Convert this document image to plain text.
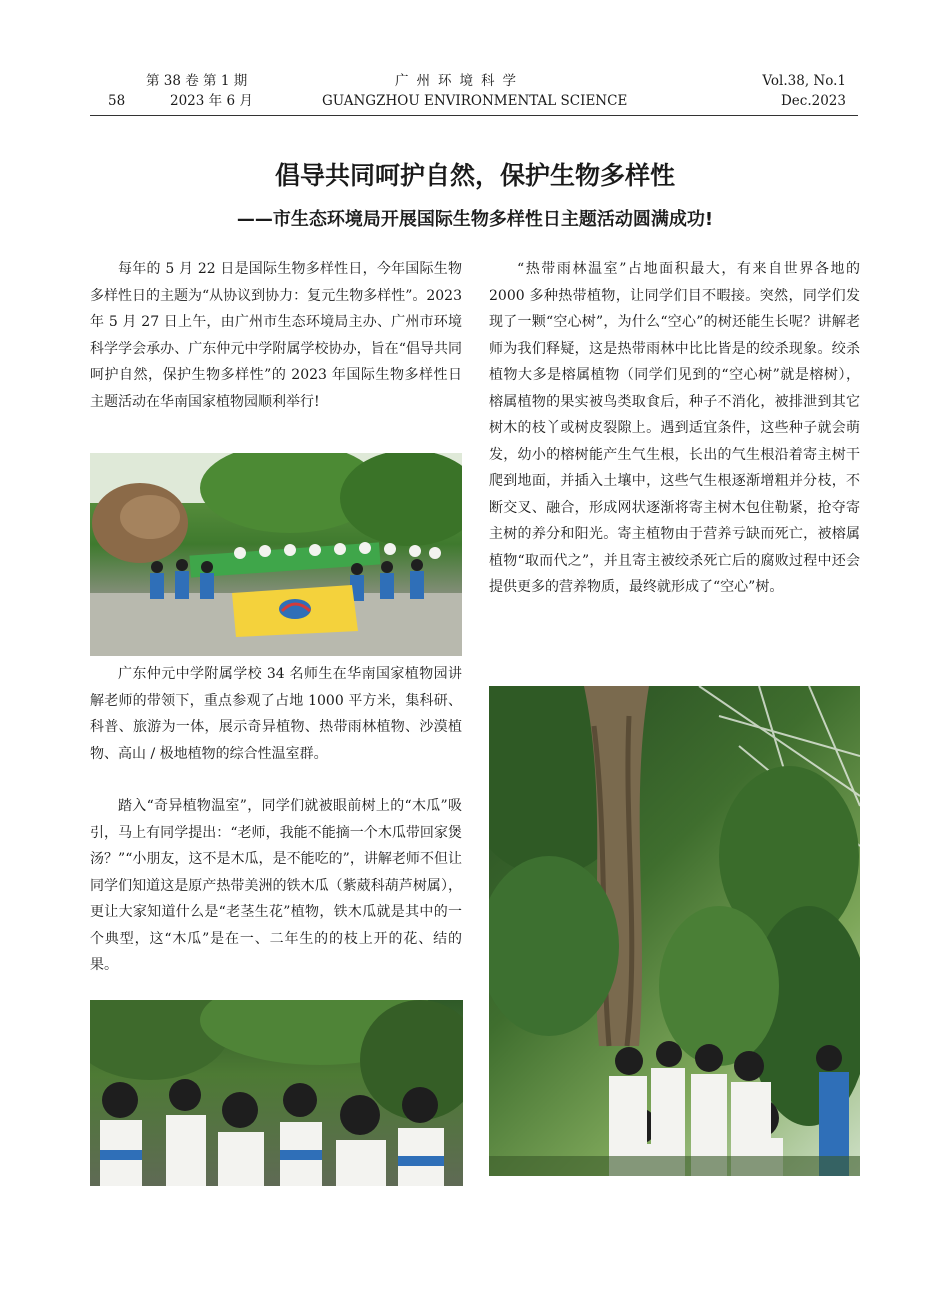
第 38 卷 第 1 期
58	2023 年 6 月
广州环境科学
GUANGZHOU ENVIRONMENTAL SCIENCE
Vol.38, No.1
Dec.2023
倡导共同呵护自然，保护生物多样性
——市生态环境局开展国际生物多样性日主题活动圆满成功!

每年的 5 月 22 日是国际生物多样性日，今年国际生物多样性日的主题为“从协议到协力：复元生物多样性”。2023 年 5 月 27 日上午，由广州市生态环境局主办、广州市环境科学学会承办、广东仲元中学附属学校协办，旨在“倡导共同呵护自然，保护生物多样性”的 2023 年国际生物多样性日主题活动在华南国家植物园顺利举行!

广东仲元中学附属学校 34 名师生在华南国家植物园讲解老师的带领下，重点参观了占地 1000 平方米，集科研、科普、旅游为一体，展示奇异植物、热带雨林植物、沙漠植物、高山 / 极地植物的综合性温室群。

踏入“奇异植物温室”，同学们就被眼前树上的“木瓜”吸引，马上有同学提出：“老师，我能不能摘一个木瓜带回家煲汤？”“小朋友，这不是木瓜，是不能吃的”，讲解老师不但让同学们知道这是原产热带美洲的铁木瓜（紫葳科葫芦树属），更让大家知道什么是“老茎生花”植物，铁木瓜就是其中的一个典型，这“木瓜”是在一、二年生的的枝上开的花、结的果。

“热带雨林温室”占地面积最大，有来自世界各地的 2000 多种热带植物，让同学们目不暇接。突然，同学们发现了一颗“空心树”，为什么“空心”的树还能生长呢？讲解老师为我们释疑，这是热带雨林中比比皆是的绞杀现象。绞杀植物大多是榕属植物（同学们见到的“空心树”就是榕树），榕属植物的果实被鸟类取食后，种子不消化，被排泄到其它树木的枝丫或树皮裂隙上。遇到适宜条件，这些种子就会萌发，幼小的榕树能产生气生根，长出的气生根沿着寄主树干爬到地面，并插入土壤中，这些气生根逐渐增粗并分枝，不断交叉、融合，形成网状逐渐将寄主树木包住勒紧，抢夺寄主树的养分和阳光。寄主植物由于营养亏缺而死亡，被榕属植物“取而代之”，并且寄主被绞杀死亡后的腐败过程中还会提供更多的营养物质，最终就形成了“空心”树。
